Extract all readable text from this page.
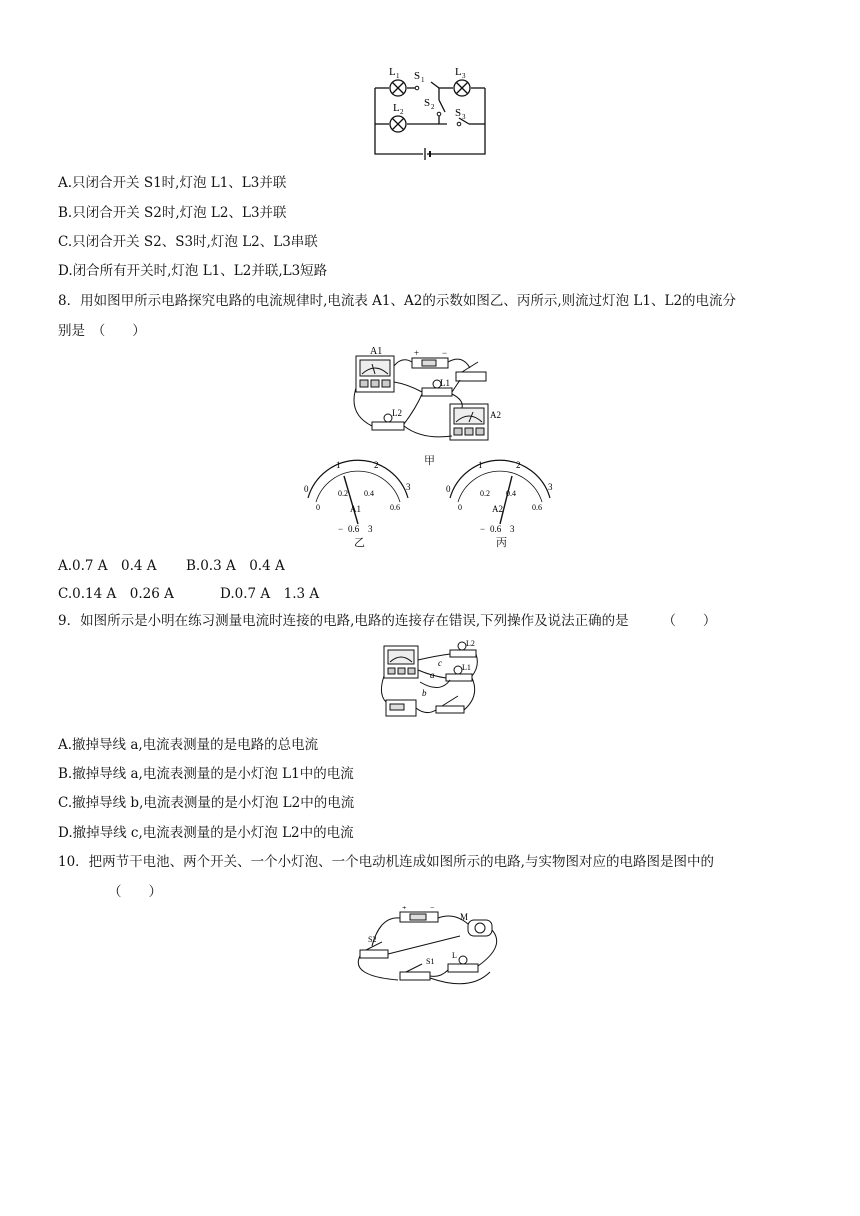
L 1 S 1
L 3
L 2
S 2 S 3
A.只闭合开关 S1时,灯泡 L1、L3并联
B.只闭合开关 S2时,灯泡 L2、L3并联
C.只闭合开关 S2、S3时,灯泡 L2、L3串联
D.闭合所有开关时,灯泡 L1、L2并联,L3短路
8．用如图甲所示电路探究电路的电流规律时,电流表 A1、A2的示数如图乙、丙所示,则流过灯泡 L1、L2的电流分
别是　（　　）
A1	+	−
L1
L2	A2
甲
0
1	2
3
0
0.2 0.4
0.6
A1
− 0.6 3
乙
0
1	2
3
0
0.2 0.4
0.6
A2
− 0.6 3
丙
A.0.7 A　0.4 A B.0.3 A　0.4 A
C.0.14 A　0.26 A	D.0.7 A　1.3 A
9．如图所示是小明在练习测量电流时连接的电路,电路的连接存在错误,下列操作及说法正确的是　　　（　　）
a
b
c
L2
L1
A.撤掉导线 a,电流表测量的是电路的总电流
B.撤掉导线 a,电流表测量的是小灯泡 L1中的电流
C.撤掉导线 b,电流表测量的是小灯泡 L2中的电流
D.撤掉导线 c,电流表测量的是小灯泡 L2中的电流
10．把两节干电池、两个开关、一个小灯泡、一个电动机连成如图所示的电路,与实物图对应的电路图是图中的
（　　）
+	−
M
S2
S1
L
